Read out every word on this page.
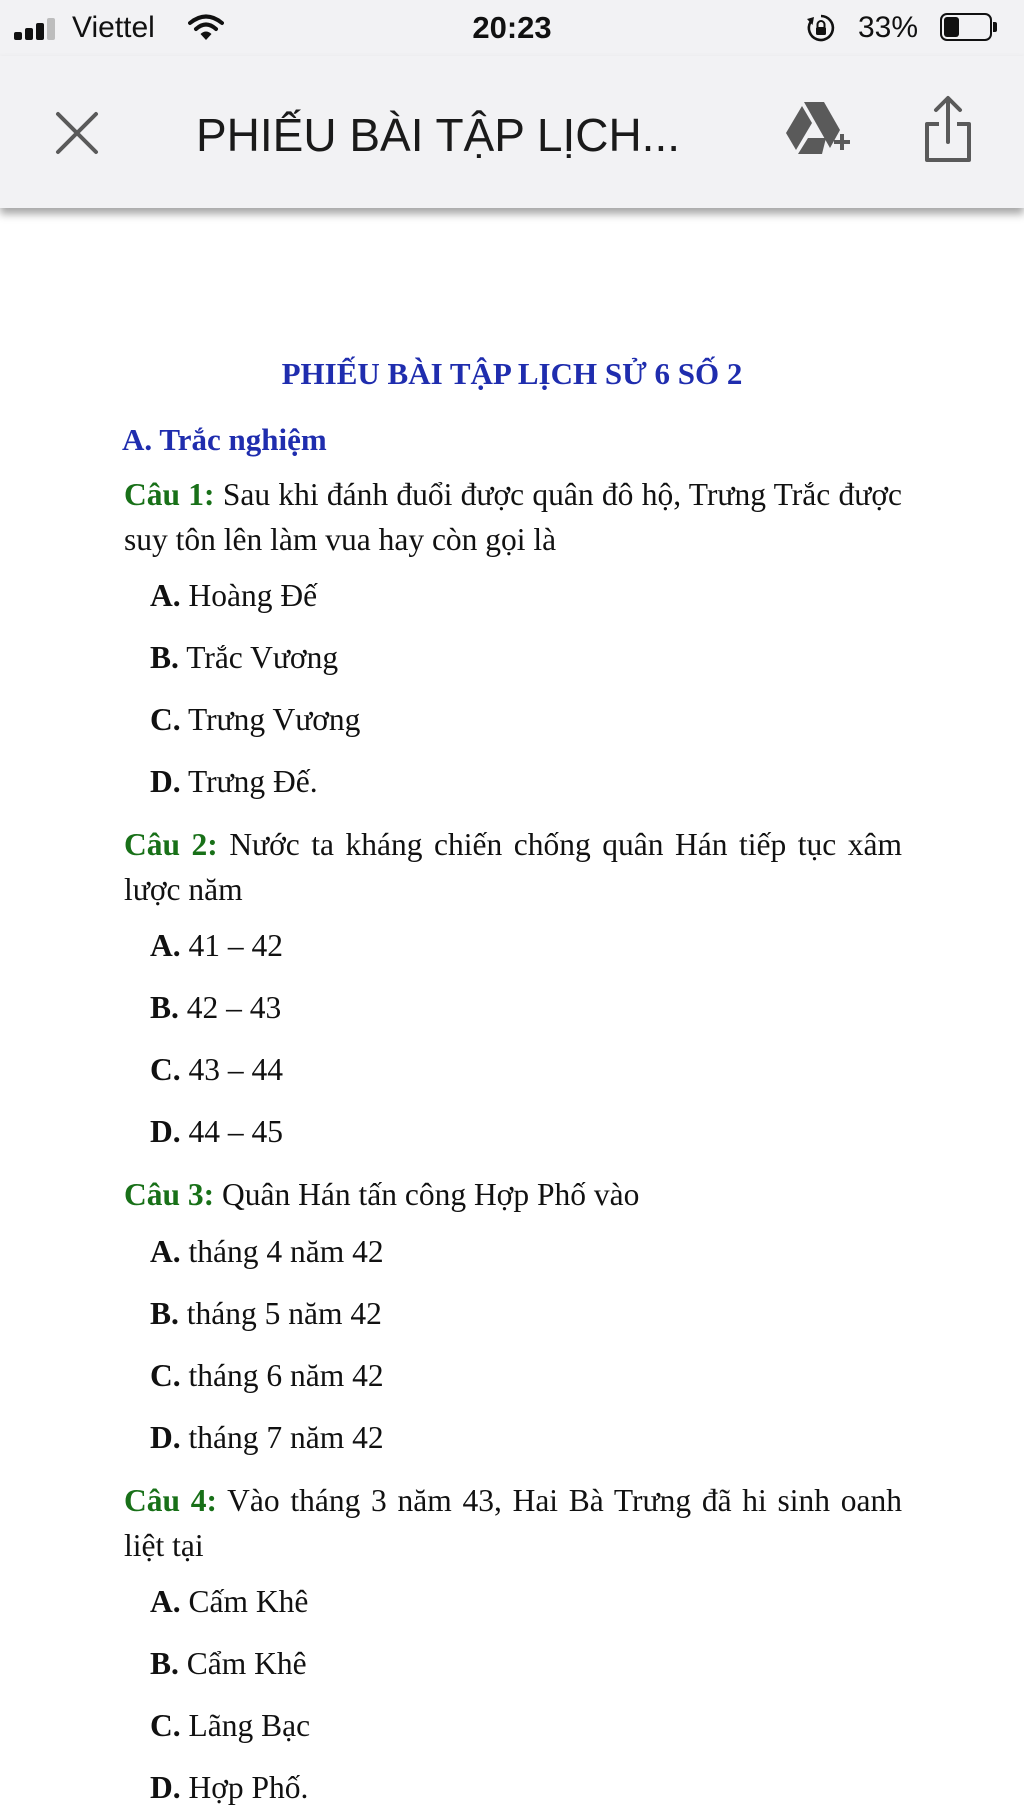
Viettel	20:23	33%
PHIẾU BÀI TẬP LỊCH...
PHIẾU BÀI TẬP LỊCH SỬ 6 SỐ 2
A. Trắc nghiệm
Câu 1: Sau khi đánh đuổi được quân đô hộ, Trưng Trắc được suy tôn lên làm vua hay còn gọi là
A. Hoàng Đế
B. Trắc Vương
C. Trưng Vương
D. Trưng Đế.
Câu 2: Nước ta kháng chiến chống quân Hán tiếp tục xâm lược năm
A. 41 – 42
B. 42 – 43
C. 43 – 44
D. 44 – 45
Câu 3: Quân Hán tấn công Hợp Phố vào
A. tháng 4 năm 42
B. tháng 5 năm 42
C. tháng 6 năm 42
D. tháng 7 năm 42
Câu 4: Vào tháng 3 năm 43, Hai Bà Trưng đã hi sinh oanh liệt tại
A. Cấm Khê
B. Cẩm Khê
C. Lãng Bạc
D. Hợp Phố.
